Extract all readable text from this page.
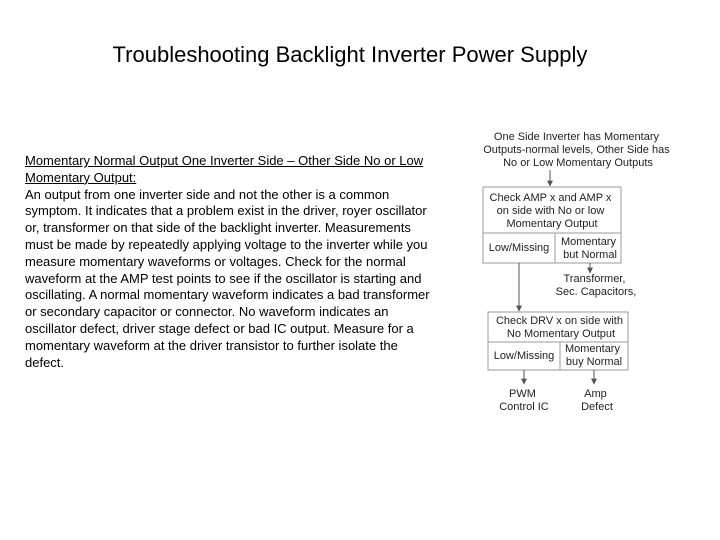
Troubleshooting Backlight Inverter Power Supply
Momentary Normal Output One Inverter Side – Other Side No or Low Momentary Output:
An output from one inverter side and not the other is a common symptom. It indicates that a problem exist in the driver, royer oscillator or, transformer on that side of the backlight inverter. Measurements must be made by repeatedly applying voltage to the inverter while you measure momentary waveforms or voltages. Check for the normal waveform at the AMP test points to see if the oscillator is starting and oscillating. A normal momentary waveform indicates a bad transformer or secondary capacitor or connector. No waveform indicates an oscillator defect, driver stage defect or bad IC output. Measure for a momentary waveform at the driver transistor to further isolate the defect.
One Side Inverter has Momentary Outputs-normal levels, Other Side has No or Low Momentary Outputs
Check AMP x and AMP x on side with No or low Momentary Output
Low/Missing Momentary but Normal
Transformer, Sec. Capacitors,
Check DRV x on side with No Momentary Output
Low/Missing
Momentary buy Normal
PWM Control IC
Amp Defect
